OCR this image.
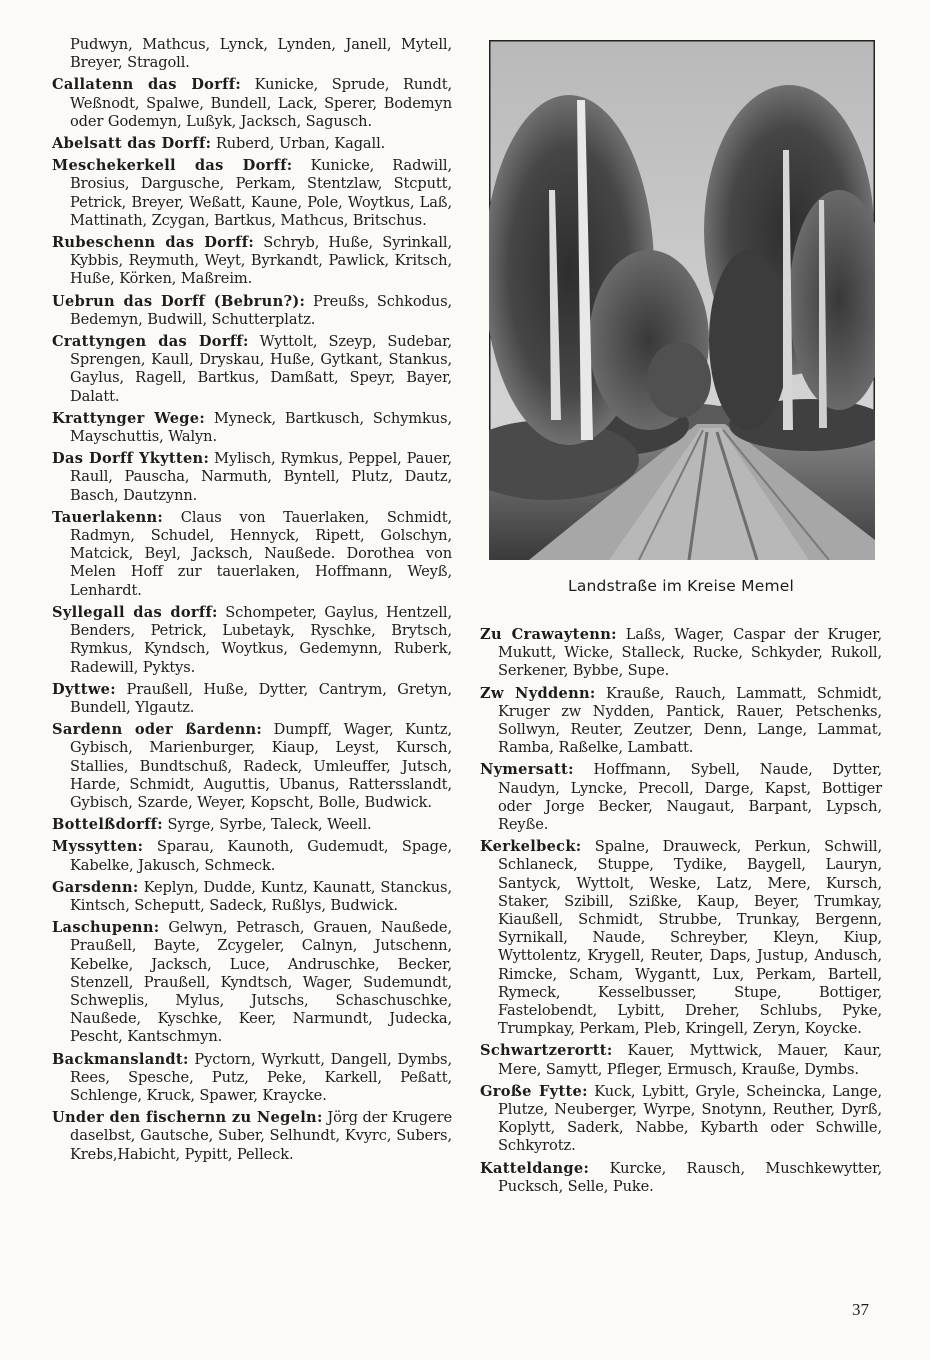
Pudwyn, Mathcus, Lynck, Lynden, Janell, Mytell, Breyer, Stragoll.

Callatenn das Dorff: Kunicke, Sprude, Rundt, Weßnodt, Spalwe, Bundell, Lack, Sperer, Bodemyn oder Godemyn, Lußyk, Jacksch, Sagusch.

Abelsatt das Dorff: Ruberd, Urban, Kagall.

Meschekerkell das Dorff: Kunicke, Radwill, Brosius, Dargusche, Perkam, Stentzlaw, Stcputt, Petrick, Breyer, Weßatt, Kaune, Pole, Woytkus, Laß, Mattinath, Zcygan, Bartkus, Mathcus, Britschus.

Rubeschenn das Dorff: Schryb, Huße, Syrinkall, Kybbis, Reymuth, Weyt, Byrkandt, Pawlick, Kritsch, Huße, Körken, Maßreim.

Uebrun das Dorff (Bebrun?): Preußs, Schkodus, Bedemyn, Budwill, Schutterplatz.

Crattyngen das Dorff: Wyttolt, Szeyp, Sudebar, Sprengen, Kaull, Dryskau, Huße, Gytkant, Stankus, Gaylus, Ragell, Bartkus, Damßatt, Speyr, Bayer, Dalatt.

Krattynger Wege: Myneck, Bartkusch, Schymkus, Mayschuttis, Walyn.

Das Dorff Ykytten: Mylisch, Rymkus, Peppel, Pauer, Raull, Pauscha, Narmuth, Byntell, Plutz, Dautz, Basch, Dautzynn.

Tauerlakenn: Claus von Tauerlaken, Schmidt, Radmyn, Schudel, Hennyck, Ripett, Golschyn, Matcick, Beyl, Jacksch, Naußede. Dorothea von Melen Hoff zur tauerlaken, Hoffmann, Weyß, Lenhardt.

Syllegall das dorff: Schompeter, Gaylus, Hentzell, Benders, Petrick, Lubetayk, Ryschke, Brytsch, Rymkus, Kyndsch, Woytkus, Gedemynn, Ruberk, Radewill, Pyktys.

Dyttwe: Praußell, Huße, Dytter, Cantrym, Gretyn, Bundell, Ylgautz.

Sardenn oder ßardenn: Dumpff, Wager, Kuntz, Gybisch, Marienburger, Kiaup, Leyst, Kursch, Stallies, Bundtschuß, Radeck, Umleuffer, Jutsch, Harde, Schmidt, Auguttis, Ubanus, Rattersslandt, Gybisch, Szarde, Weyer, Kopscht, Bolle, Budwick.

Bottelßdorff: Syrge, Syrbe, Taleck, Weell.

Myssytten: Sparau, Kaunoth, Gudemudt, Spage, Kabelke, Jakusch, Schmeck.

Garsdenn: Keplyn, Dudde, Kuntz, Kaunatt, Stanckus, Kintsch, Scheputt, Sadeck, Rußlys, Budwick.

Laschupenn: Gelwyn, Petrasch, Grauen, Naußede, Praußell, Bayte, Zcygeler, Calnyn, Jutschenn, Kebelke, Jacksch, Luce, Andruschke, Becker, Stenzell, Praußell, Kyndtsch, Wager, Sudemundt, Schweplis, Mylus, Jutschs, Schaschuschke, Naußede, Kyschke, Keer, Narmundt, Judecka, Pescht, Kantschmyn.

Backmanslandt: Pyctorn, Wyrkutt, Dangell, Dymbs, Rees, Spesche, Putz, Peke, Karkell, Peßatt, Schlenge, Kruck, Spawer, Kraycke.

Under den fischernn zu Negeln: Jörg der Krugere daselbst, Gautsche, Suber, Selhundt, Kvyrc, Subers, Krebs,Habicht, Pypitt, Pelleck.

Landstraße im Kreise Memel

Zu Crawaytenn: Laßs, Wager, Caspar der Kruger, Mukutt, Wicke, Stalleck, Rucke, Schkyder, Rukoll, Serkener, Bybbe, Supe.

Zw Nyddenn: Krauße, Rauch, Lammatt, Schmidt, Kruger zw Nydden, Pantick, Rauer, Petschenks, Sollwyn, Reuter, Zeutzer, Denn, Lange, Lammat, Ramba, Raßelke, Lambatt.

Nymersatt: Hoffmann, Sybell, Naude, Dytter, Naudyn, Lyncke, Precoll, Darge, Kapst, Bottiger oder Jorge Becker, Naugaut, Barpant, Lypsch, Reyße.

Kerkelbeck: Spalne, Drauweck, Perkun, Schwill, Schlaneck, Stuppe, Tydike, Baygell, Lauryn, Santyck, Wyttolt, Weske, Latz, Mere, Kursch, Staker, Szibill, Szißke, Kaup, Beyer, Trumkay, Kiaußell, Schmidt, Strubbe, Trunkay, Bergenn, Syrnikall, Naude, Schreyber, Kleyn, Kiup, Wyttolentz, Krygell, Reuter, Daps, Justup, Andusch, Rimcke, Scham, Wygantt, Lux, Perkam, Bartell, Rymeck, Kesselbusser, Stupe, Bottiger, Fastelobendt, Lybitt, Dreher, Schlubs, Pyke, Trumpkay, Perkam, Pleb, Kringell, Zeryn, Koycke.

Schwartzerortt: Kauer, Myttwick, Mauer, Kaur, Mere, Samytt, Pfleger, Ermusch, Krauße, Dymbs.

Große Fytte: Kuck, Lybitt, Gryle, Scheincka, Lange, Plutze, Neuberger, Wyrpe, Snotynn, Reuther, Dyrß, Koplytt, Saderk, Nabbe, Kybarth oder Schwille, Schkyrotz.

Katteldange: Kurcke, Rausch, Muschkewytter, Pucksch, Selle, Puke.

37
